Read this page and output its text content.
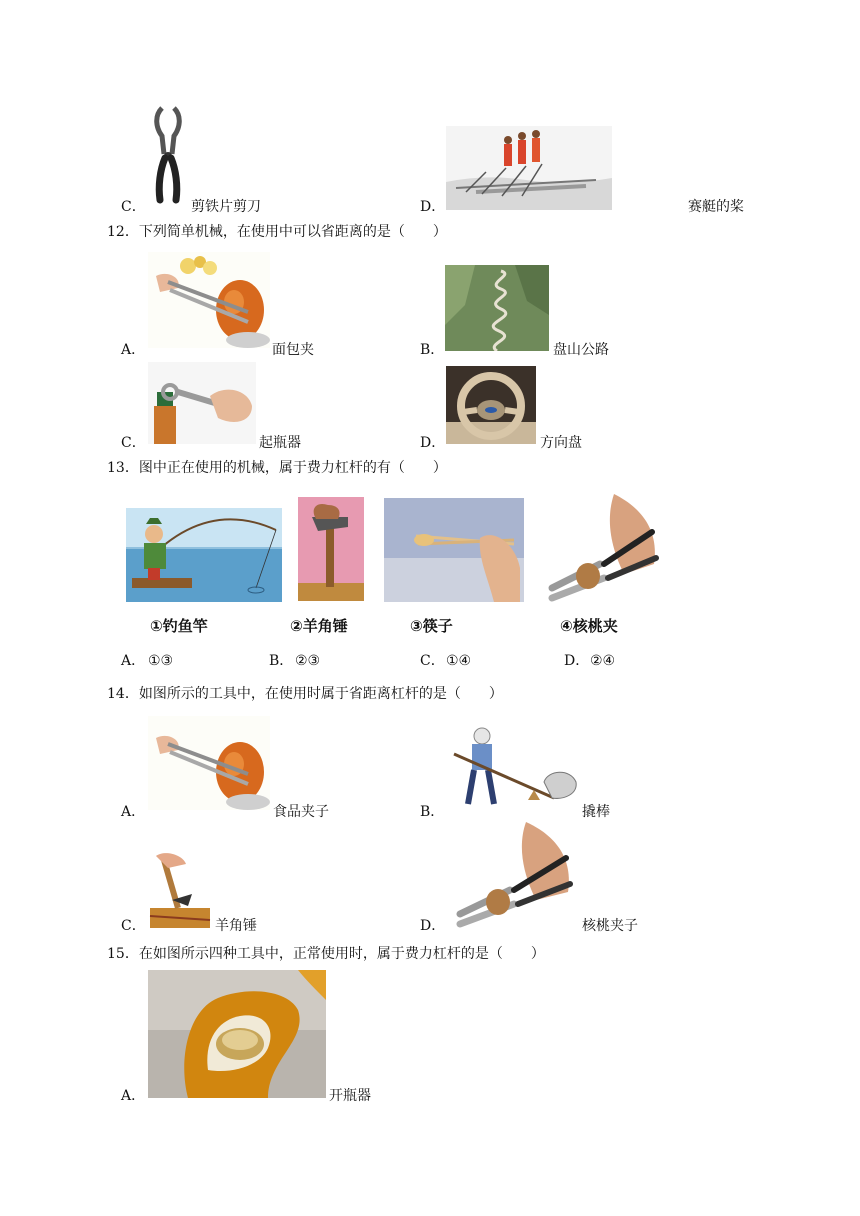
C．	剪铁片剪刀	D．	赛艇的桨
12．下列简单机械，在使用中可以省距离的是（　　）
A．	面包夹	B．	盘山公路
C．	起瓶器	D．	方向盘
13．图中正在使用的机械，属于费力杠杆的有（　　）
①钓鱼竿	②羊角锤	③筷子	④核桃夹
A． ①③	B． ②③	C． ①④	D． ②④
14．如图所示的工具中，在使用时属于省距离杠杆的是（　　）
A．	食品夹子	B．	撬棒
C．	羊角锤	D．	核桃夹子
15．在如图所示四种工具中，正常使用时，属于费力杠杆的是（　　）
A．	开瓶器
